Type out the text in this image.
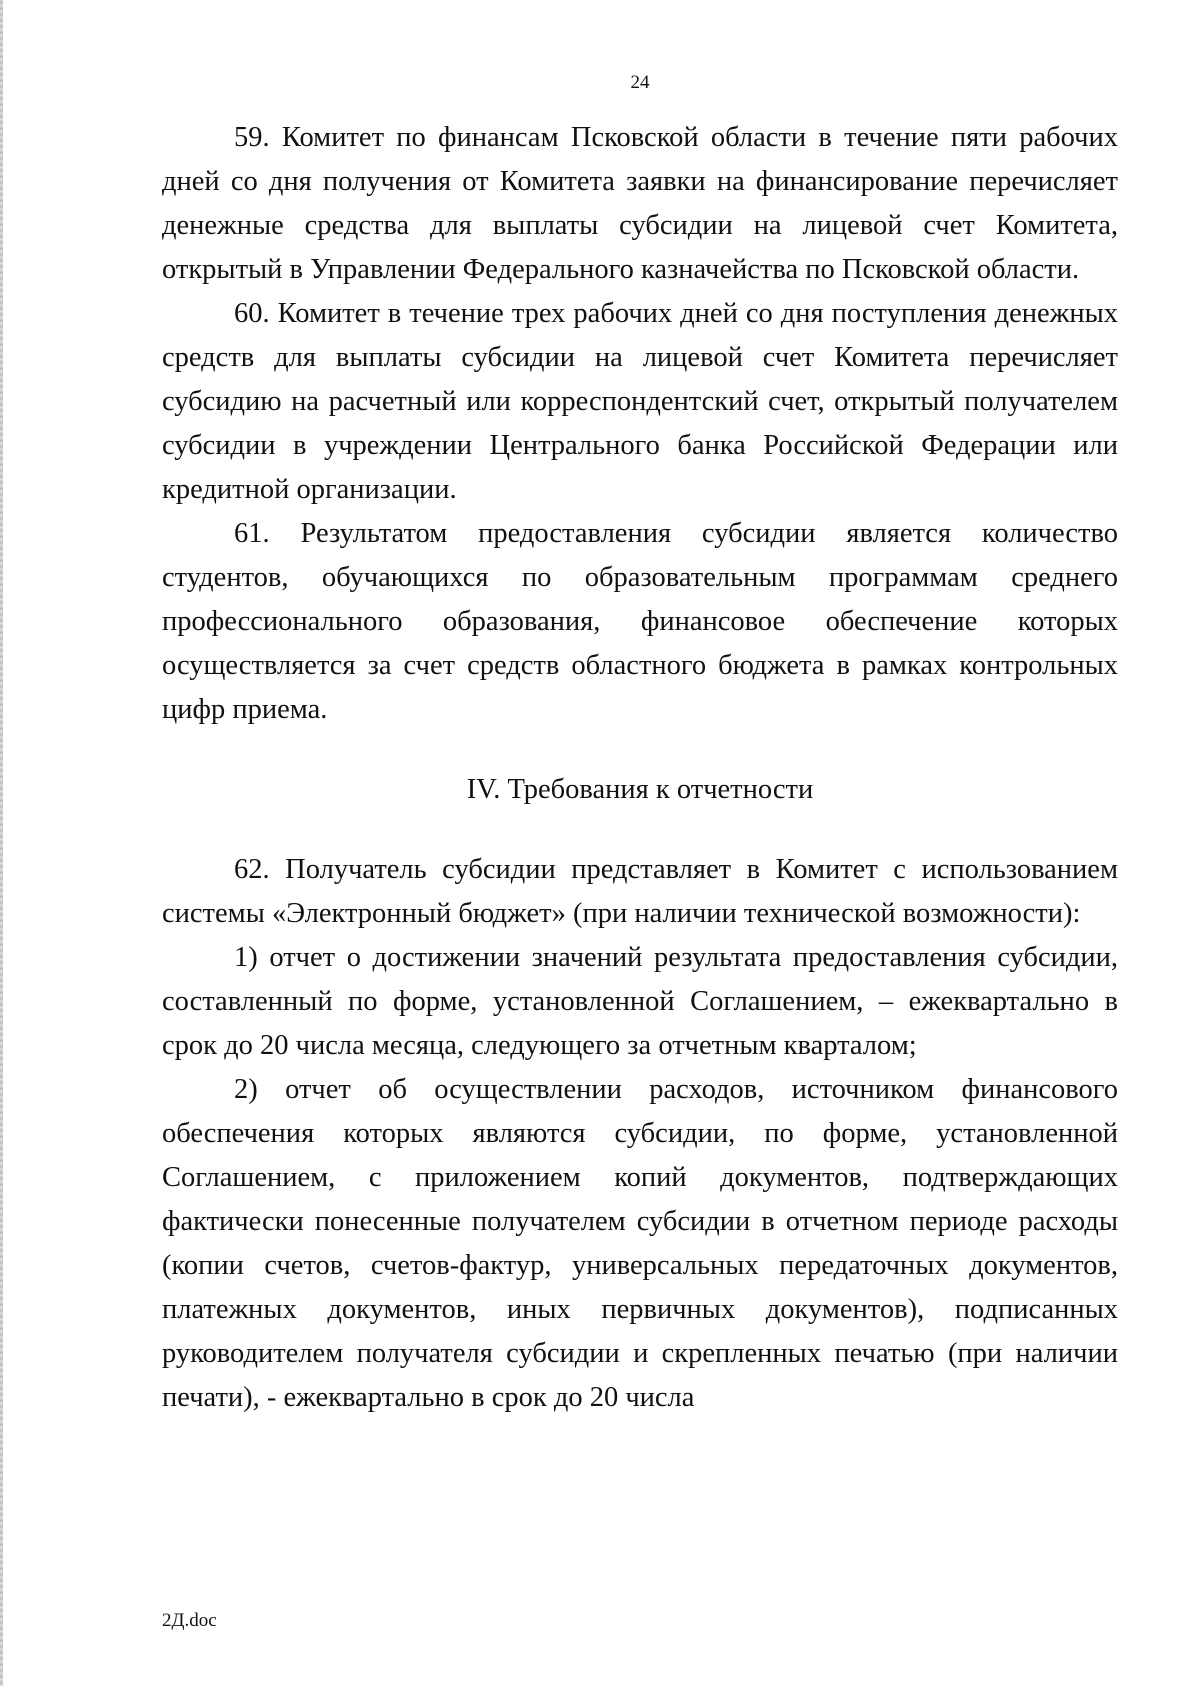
24

59. Комитет по финансам Псковской области в течение пяти рабочих дней со дня получения от Комитета заявки на финансирование перечисляет денежные средства для выплаты субсидии на лицевой счет Комитета, открытый в Управлении Федерального казначейства по Псковской области.

60. Комитет в течение трех рабочих дней со дня поступления денежных средств для выплаты субсидии на лицевой счет Комитета перечисляет субсидию на расчетный или корреспондентский счет, открытый получателем субсидии в учреждении Центрального банка Российской Федерации или кредитной организации.

61. Результатом предоставления субсидии является количество студентов, обучающихся по образовательным программам среднего профессионального образования, финансовое обеспечение которых осуществляется за счет средств областного бюджета в рамках контрольных цифр приема.

IV. Требования к отчетности

62. Получатель субсидии представляет в Комитет с использованием системы «Электронный бюджет» (при наличии технической возможности):

1) отчет о достижении значений результата предоставления субсидии, составленный по форме, установленной Соглашением, – ежеквартально в срок до 20 числа месяца, следующего за отчетным кварталом;

2) отчет об осуществлении расходов, источником финансового обеспечения которых являются субсидии, по форме, установленной Соглашением, с приложением копий документов, подтверждающих фактически понесенные получателем субсидии в отчетном периоде расходы (копии счетов, счетов-фактур, универсальных передаточных документов, платежных документов, иных первичных документов), подписанных руководителем получателя субсидии и скрепленных печатью (при наличии печати), - ежеквартально в срок до 20 числа

2Д.doc
